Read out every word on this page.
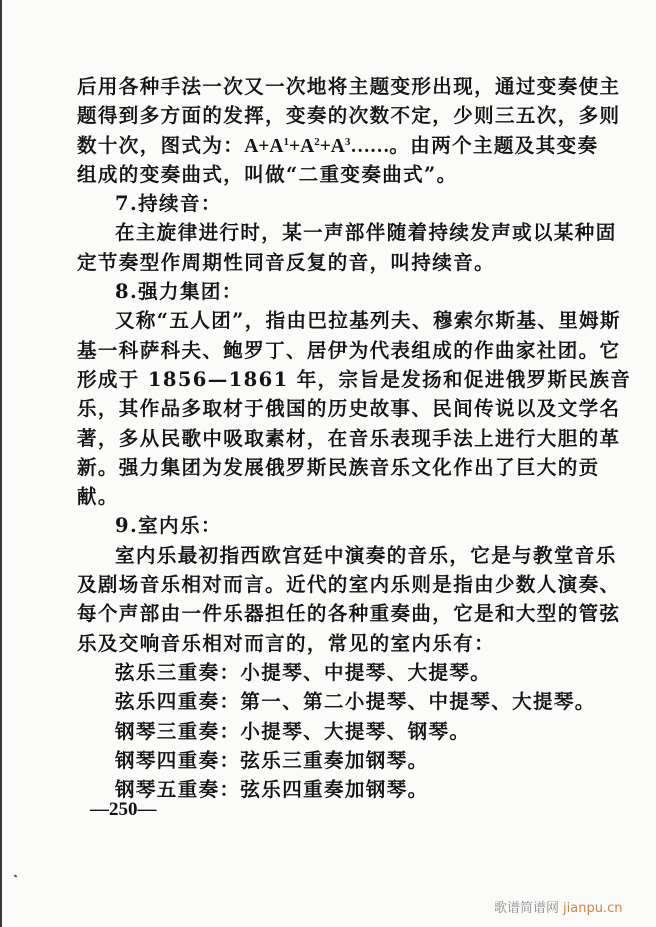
后用各种手法一次又一次地将主题变形出现，通过变奏使主
题得到多方面的发挥，变奏的次数不定，少则三五次，多则
数十次，图式为：$A+A^1+A^2+A^3\dots\dots$。由两个主题及其变奏
组成的变奏曲式，叫做“二重变奏曲式”。
7.持续音：
在主旋律进行时，某一声部伴随着持续发声或以某种固
定节奏型作周期性同音反复的音，叫持续音。
8.强力集团：
又称“五人团”，指由巴拉基列夫、穆索尔斯基、里姆斯
基一科萨科夫、鲍罗丁、居伊为代表组成的作曲家社团。它
形成于 1856—1861 年，宗旨是发扬和促进俄罗斯民族音
乐，其作品多取材于俄国的历史故事、民间传说以及文学名
著，多从民歌中吸取素材，在音乐表现手法上进行大胆的革
新。强力集团为发展俄罗斯民族音乐文化作出了巨大的贡
献。
9.室内乐：
室内乐最初指西欧宫廷中演奏的音乐，它是与教堂音乐
及剧场音乐相对而言。近代的室内乐则是指由少数人演奏、
每个声部由一件乐器担任的各种重奏曲，它是和大型的管弦
乐及交响音乐相对而言的，常见的室内乐有：
弦乐三重奏：小提琴、中提琴、大提琴。
弦乐四重奏：第一、第二小提琴、中提琴、大提琴。
钢琴三重奏：小提琴、大提琴、钢琴。
钢琴四重奏：弦乐三重奏加钢琴。
钢琴五重奏：弦乐四重奏加钢琴。
—250—
歌谱简谱网 jianpu.cn
